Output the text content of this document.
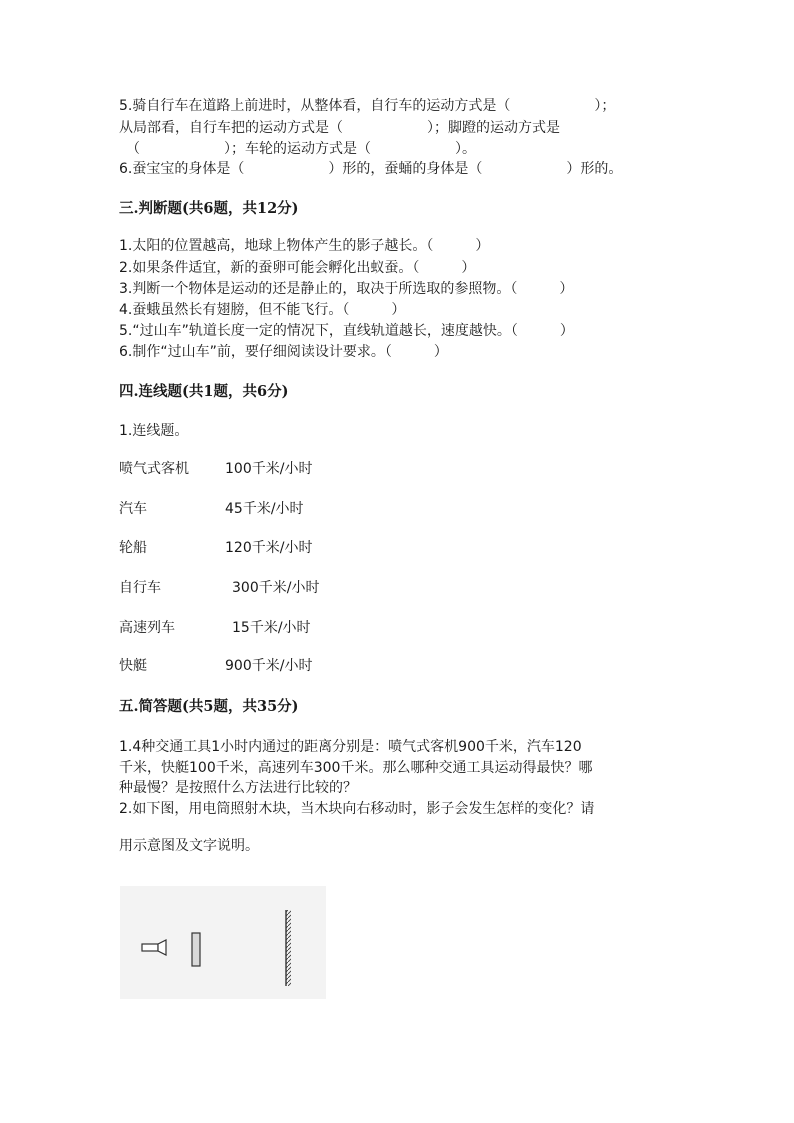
5.骑自行车在道路上前进时，从整体看，自行车的运动方式是（　　　　　　）；
从局部看，自行车把的运动方式是（　　　　　　）；脚蹬的运动方式是
　（　　　　　　）；车轮的运动方式是（　　　　　　）。
6.蚕宝宝的身体是（　　　　　　）形的，蚕蛹的身体是（　　　　　　）形的。
三.判断题(共6题，共12分)
1.太阳的位置越高，地球上物体产生的影子越长。（　　　）
2.如果条件适宜，新的蚕卵可能会孵化出蚁蚕。（　　　）
3.判断一个物体是运动的还是静止的，取决于所选取的参照物。（　　　）
4.蚕蛾虽然长有翅膀，但不能飞行。（　　　）
5.“过山车”轨道长度一定的情况下，直线轨道越长，速度越快。（　　　）
6.制作“过山车”前，要仔细阅读设计要求。（　　　）
四.连线题(共1题，共6分)
1.连线题。
喷气式客机	100千米/小时
汽车	45千米/小时
轮船	120千米/小时
自行车	300千米/小时
高速列车	15千米/小时
快艇	900千米/小时
五.简答题(共5题，共35分)
1.4种交通工具1小时内通过的距离分别是：喷气式客机900千米，汽车120
千米，快艇100千米，高速列车300千米。那么哪种交通工具运动得最快？哪
种最慢？是按照什么方法进行比较的？
2.如下图，用电筒照射木块，当木块向右移动时，影子会发生怎样的变化？请
用示意图及文字说明。
